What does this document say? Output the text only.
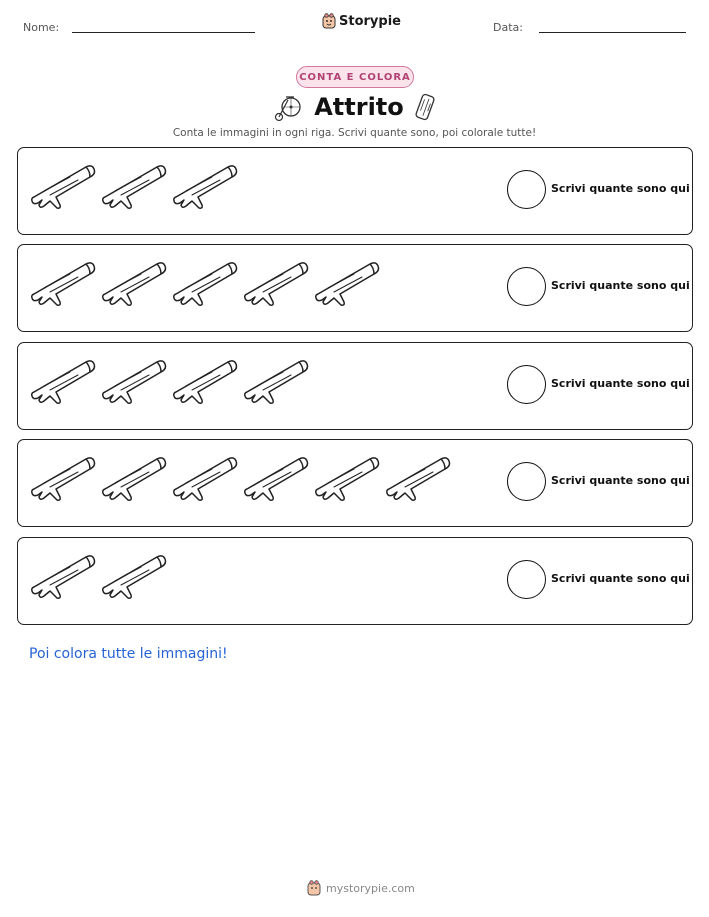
Nome:	Storypie	Data:
CONTA E COLORA
Attrito
Conta le immagini in ogni riga. Scrivi quante sono, poi colorale tutte!
Scrivi quante sono qui
Scrivi quante sono qui
Scrivi quante sono qui
Scrivi quante sono qui
Scrivi quante sono qui
Poi colora tutte le immagini!
mystorypie.com
